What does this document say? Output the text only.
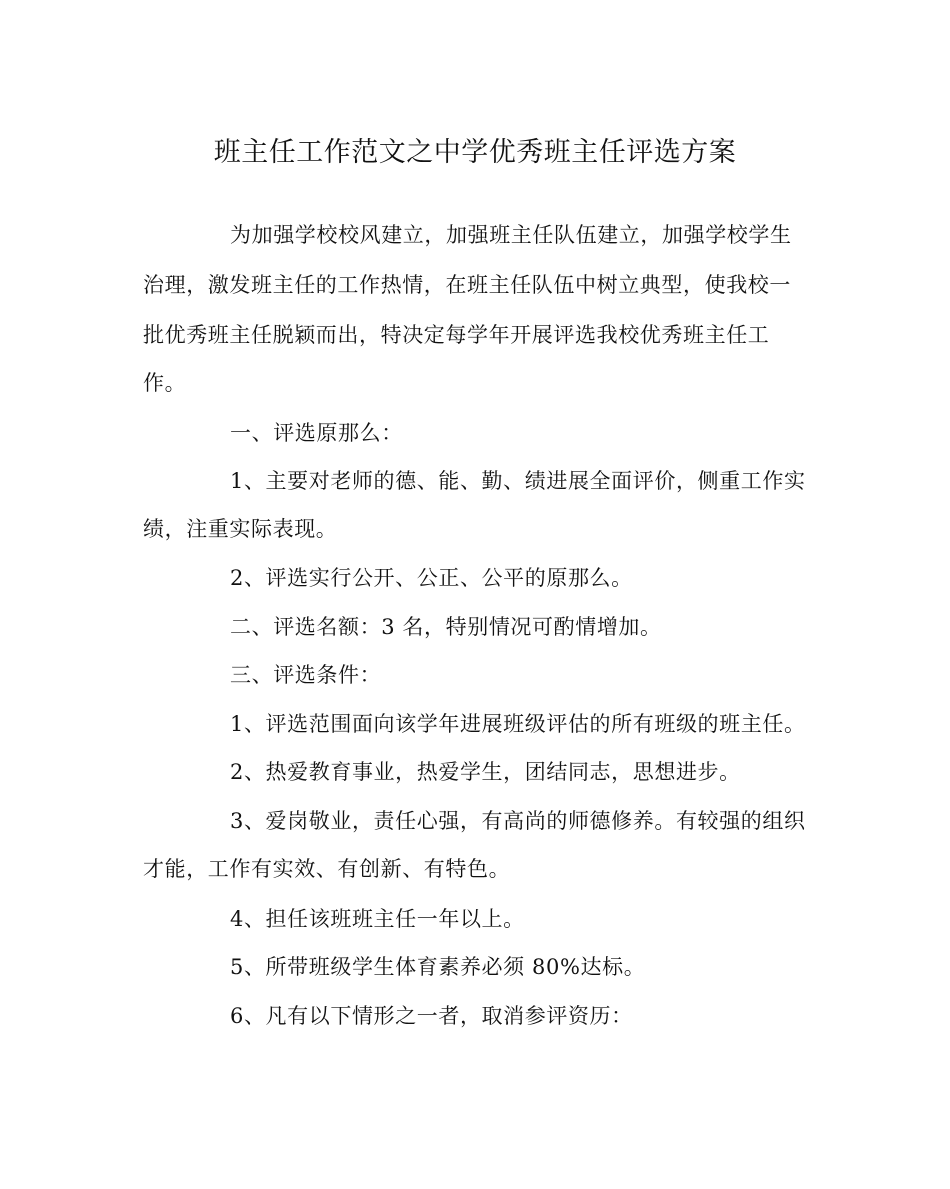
班主任工作范文之中学优秀班主任评选方案

为加强学校校风建立，加强班主任队伍建立，加强学校学生

治理，激发班主任的工作热情，在班主任队伍中树立典型，使我校一

批优秀班主任脱颖而出，特决定每学年开展评选我校优秀班主任工

作。

一、评选原那么：

1、主要对老师的德、能、勤、绩进展全面评价，侧重工作实

绩，注重实际表现。

2、评选实行公开、公正、公平的原那么。

二、评选名额：3 名，特别情况可酌情增加。

三、评选条件：

1、评选范围面向该学年进展班级评估的所有班级的班主任。

2、热爱教育事业，热爱学生，团结同志，思想进步。

3、爱岗敬业，责任心强，有高尚的师德修养。有较强的组织

才能，工作有实效、有创新、有特色。

4、担任该班班主任一年以上。

5、所带班级学生体育素养必须 80%达标。

6、凡有以下情形之一者，取消参评资历：
